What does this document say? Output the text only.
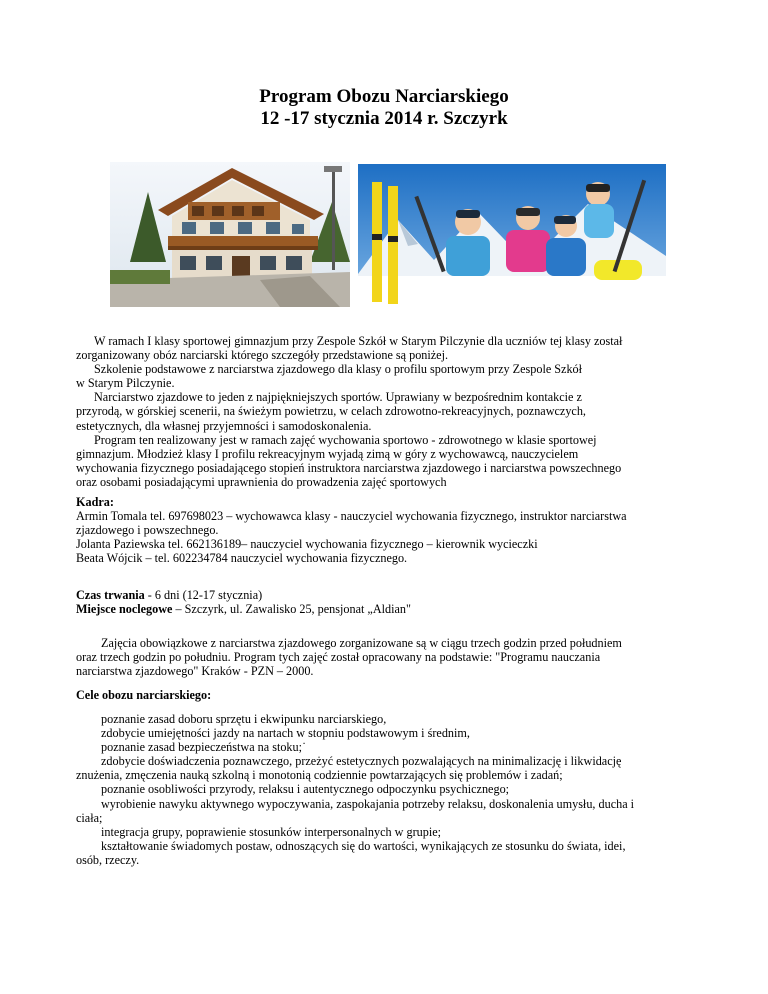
Program Obozu Narciarskiego
12 -17 stycznia 2014 r. Szczyrk

W ramach I klasy sportowej gimnazjum przy Zespole Szkół w Starym Pilczynie dla uczniów tej klasy został

zorganizowany obóz narciarski którego szczegóły przedstawione są poniżej.

Szkolenie podstawowe z narciarstwa zjazdowego dla klasy o profilu sportowym przy Zespole Szkół

w Starym Pilczynie.

Narciarstwo zjazdowe to jeden z najpiękniejszych sportów. Uprawiany w bezpośrednim kontakcie z

przyrodą, w górskiej scenerii, na świeżym powietrzu, w celach zdrowotno-rekreacyjnych, poznawczych,

estetycznych, dla własnej przyjemności i samodoskonalenia.

Program ten realizowany jest w ramach zajęć wychowania sportowo - zdrowotnego w klasie sportowej

gimnazjum. Młodzież klasy I profilu rekreacyjnym wyjadą zimą w góry z wychowawcą, nauczycielem

wychowania fizycznego posiadającego stopień instruktora narciarstwa zjazdowego i narciarstwa powszechnego

oraz osobami posiadającymi uprawnienia do prowadzenia zajęć sportowych

Kadra:

Armin Tomala tel. 697698023 – wychowawca klasy - nauczyciel wychowania fizycznego, instruktor narciarstwa

zjazdowego i powszechnego.

Jolanta Paziewska tel. 662136189– nauczyciel wychowania fizycznego – kierownik wycieczki

Beata Wójcik – tel. 602234784 nauczyciel wychowania fizycznego.

Czas trwania - 6 dni (12-17 stycznia)

Miejsce noclegowe – Szczyrk, ul. Zawalisko 25, pensjonat „Aldian"

Zajęcia obowiązkowe z narciarstwa zjazdowego zorganizowane są w ciągu trzech godzin przed południem

oraz trzech godzin po południu. Program tych zajęć został opracowany na podstawie: "Programu nauczania

narciarstwa zjazdowego" Kraków - PZN – 2000.

Cele obozu narciarskiego:

poznanie zasad doboru sprzętu i ekwipunku narciarskiego,

zdobycie umiejętności jazdy na nartach w stopniu podstawowym i średnim,

poznanie zasad bezpieczeństwa na stoku;˙

zdobycie doświadczenia poznawczego, przeżyć estetycznych pozwalających na minimalizację i likwidację

znużenia, zmęczenia nauką szkolną i monotonią codziennie powtarzających się problemów i zadań;

poznanie osobliwości przyrody, relaksu i autentycznego odpoczynku psychicznego;

wyrobienie nawyku aktywnego wypoczywania, zaspokajania potrzeby relaksu, doskonalenia umysłu, ducha i

ciała;

integracja grupy, poprawienie stosunków interpersonalnych w grupie;

kształtowanie świadomych postaw, odnoszących się do wartości, wynikających ze stosunku do świata, idei,

osób, rzeczy.
